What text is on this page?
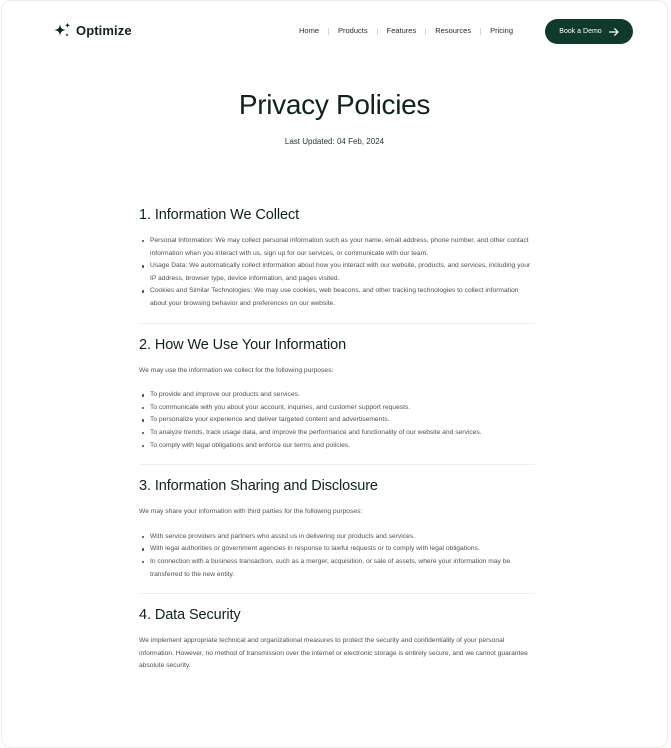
Optimize	Home	Products	Features	Resources	Pricing	Book a Demo
Privacy Policies
Last Updated: 04 Feb, 2024
1. Information We Collect
Personal Information: We may collect personal information such as your name, email address, phone number, and other contact information when you interact with us, sign up for our services, or communicate with our team.
Usage Data: We automatically collect information about how you interact with our website, products, and services, including your IP address, browser type, device information, and pages visited.
Cookies and Similar Technologies: We may use cookies, web beacons, and other tracking technologies to collect information about your browsing behavior and preferences on our website.
2. How We Use Your Information

We may use the information we collect for the following purposes:

To provide and improve our products and services.
To communicate with you about your account, inquiries, and customer support requests.
To personalize your experience and deliver targeted content and advertisements.
To analyze trends, track usage data, and improve the performance and functionality of our website and services.
To comply with legal obligations and enforce our terms and policies.
3. Information Sharing and Disclosure

We may share your information with third parties for the following purposes:

With service providers and partners who assist us in delivering our products and services.
With legal authorities or government agencies in response to lawful requests or to comply with legal obligations.
In connection with a business transaction, such as a merger, acquisition, or sale of assets, where your information may be transferred to the new entity.
4. Data Security

We implement appropriate technical and organizational measures to protect the security and confidentiality of your personal information. However, no method of transmission over the internet or electronic storage is entirely secure, and we cannot guarantee absolute security.
